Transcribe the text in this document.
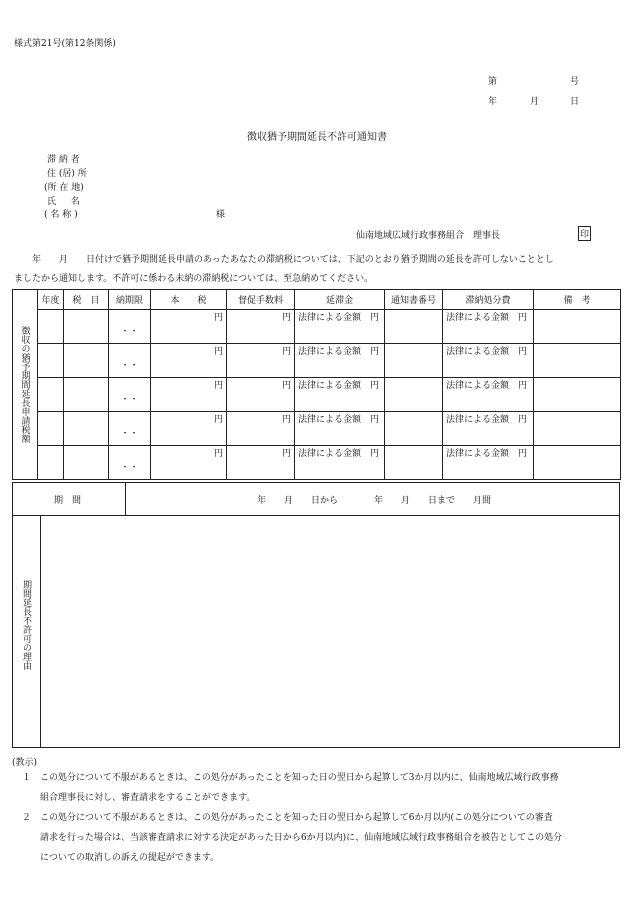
様式第21号(第12条関係)
第	号
年	月	日
徴収猶予期間延長不許可通知書
滞 納 者
住 (居) 所
(所 在 地)
氏 　 名
( 名 称 )	様
仙南地域広域行政事務組合　理事長	印
　　年　　月　　日付けで猶予期間延長申請のあったあなたの滞納税については、下記のとおり猶予期間の延長を許可しないこととし
ましたから通知します。不許可に係わる未納の滞納税については、至急納めてください。
徴収の猶予期間延長申請税額	年度	税　目	納期限	本　　税	督促手数料	延滞金	通知書番号	滞納処分費	備　考
			・・	円	円	法律による金額　円		法律による金額　円	
			・・	円	円	法律による金額　円		法律による金額　円	
			・・	円	円	法律による金額　円		法律による金額　円	
			・・	円	円	法律による金額　円		法律による金額　円	
			・・	円	円	法律による金額　円		法律による金額　円	
期　間	年　　月　　日から　　　　年　　月　　日まで　　月間
期間延長不許可の理由
(教示)
１　この処分について不服があるときは、この処分があったことを知った日の翌日から起算して3か月以内に、仙南地域広域行政事務
組合理事長に対し、審査請求をすることができます。
２　この処分について不服があるときは、この処分があったことを知った日の翌日から起算して6か月以内(この処分についての審査
請求を行った場合は、当該審査請求に対する決定があった日から6か月以内)に、仙南地域広域行政事務組合を被告としてこの処分
についての取消しの訴えの提起ができます。
